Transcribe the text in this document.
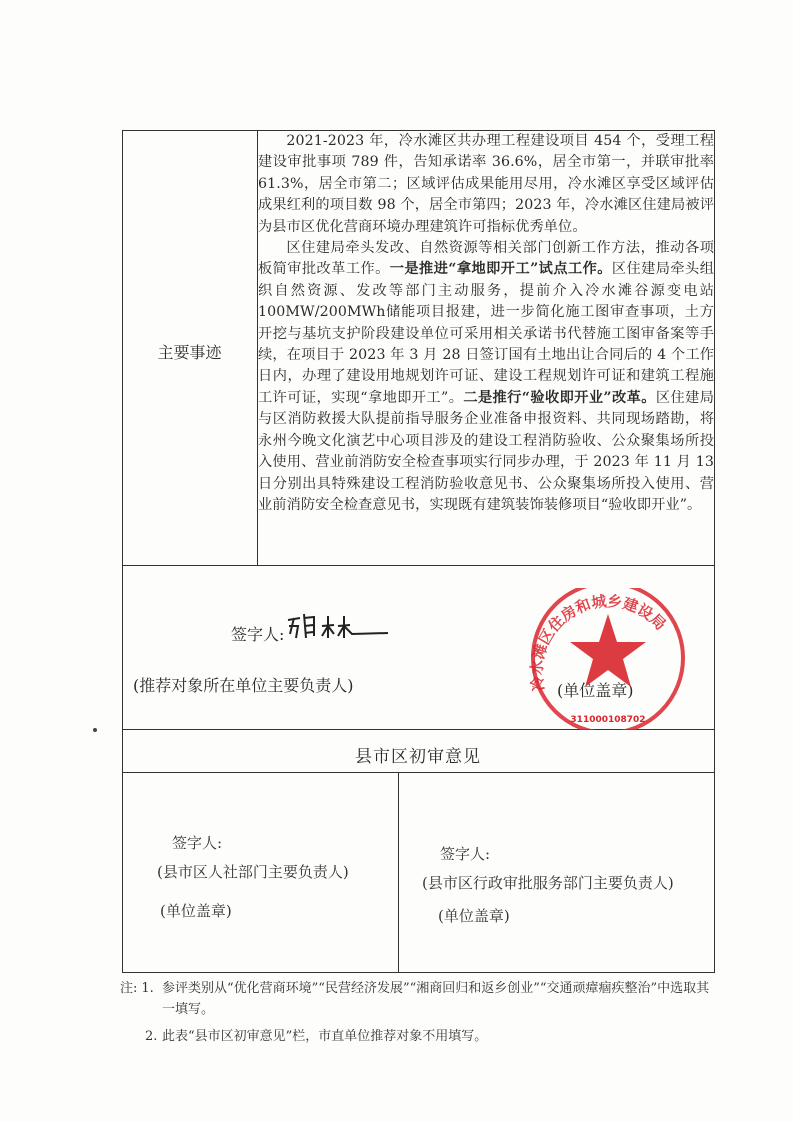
主要事迹

2021-2023 年，冷水滩区共办理工程建设项目 454 个，受理工程建设审批事项 789 件，告知承诺率 36.6%，居全市第一，并联审批率 61.3%，居全市第二；区域评估成果能用尽用，冷水滩区享受区域评估成果红利的项目数 98 个，居全市第四；2023 年，冷水滩区住建局被评为县市区优化营商环境办理建筑许可指标优秀单位。

区住建局牵头发改、自然资源等相关部门创新工作方法，推动各项板简审批改革工作。一是推进“拿地即开工”试点工作。区住建局牵头组织自然资源、发改等部门主动服务，提前介入冷水滩谷源变电站100MW/200MWh储能项目报建，进一步简化施工图审查事项，土方开挖与基坑支护阶段建设单位可采用相关承诺书代替施工图审备案等手续，在项目于 2023 年 3 月 28 日签订国有土地出让合同后的 4 个工作日内，办理了建设用地规划许可证、建设工程规划许可证和建筑工程施工许可证，实现“拿地即开工”。二是推行“验收即开业”改革。区住建局与区消防救援大队提前指导服务企业准备申报资料、共同现场踏勘，将永州今晚文化演艺中心项目涉及的建设工程消防验收、公众聚集场所投入使用、营业前消防安全检查事项实行同步办理，于 2023 年 11 月 13 日分别出具特殊建设工程消防验收意见书、公众聚集场所投入使用、营业前消防安全检查意见书，实现既有建筑装饰装修项目“验收即开业”。

签字人:
(推荐对象所在单位主要负责人)	(单位盖章)
冷水滩区住房和城乡建设局
311000108702
县市区初审意见
签字人:
(县市区人社部门主要负责人)
(单位盖章)
签字人:
(县市区行政审批服务部门主要负责人)
(单位盖章)
注: 1. 参评类别从“优化营商环境”“民营经济发展”“湘商回归和返乡创业”“交通顽瘴痼疾整治”中选取其一填写。
2. 此表“县市区初审意见”栏，市直单位推荐对象不用填写。
